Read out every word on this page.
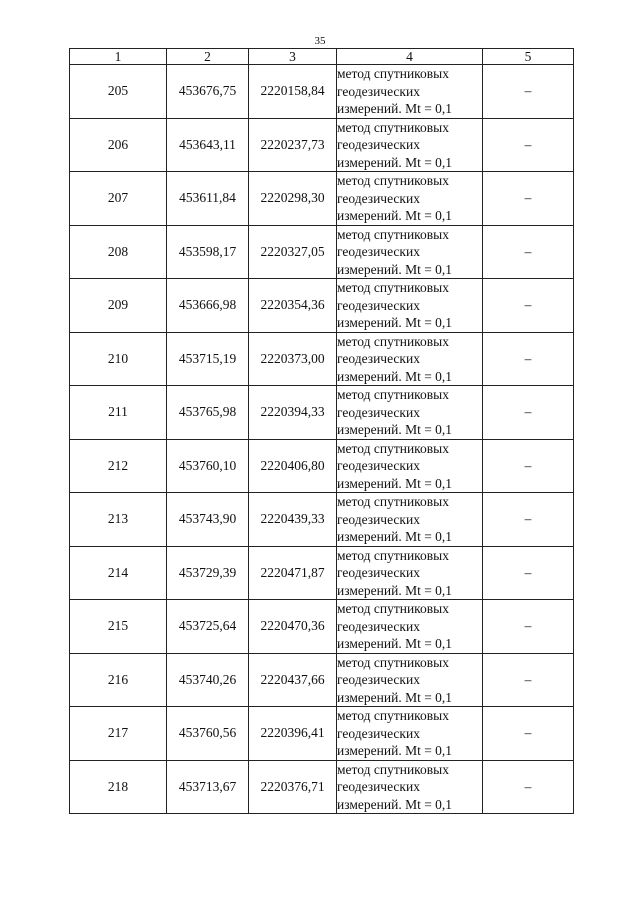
35
1	2	3	4	5
205	453676,75	2220158,84	метод спутниковых
геодезических
измерений. Mt = 0,1	–
206	453643,11	2220237,73	метод спутниковых
геодезических
измерений. Mt = 0,1	–
207	453611,84	2220298,30	метод спутниковых
геодезических
измерений. Mt = 0,1	–
208	453598,17	2220327,05	метод спутниковых
геодезических
измерений. Mt = 0,1	–
209	453666,98	2220354,36	метод спутниковых
геодезических
измерений. Mt = 0,1	–
210	453715,19	2220373,00	метод спутниковых
геодезических
измерений. Mt = 0,1	–
211	453765,98	2220394,33	метод спутниковых
геодезических
измерений. Mt = 0,1	–
212	453760,10	2220406,80	метод спутниковых
геодезических
измерений. Mt = 0,1	–
213	453743,90	2220439,33	метод спутниковых
геодезических
измерений. Mt = 0,1	–
214	453729,39	2220471,87	метод спутниковых
геодезических
измерений. Mt = 0,1	–
215	453725,64	2220470,36	метод спутниковых
геодезических
измерений. Mt = 0,1	–
216	453740,26	2220437,66	метод спутниковых
геодезических
измерений. Mt = 0,1	–
217	453760,56	2220396,41	метод спутниковых
геодезических
измерений. Mt = 0,1	–
218	453713,67	2220376,71	метод спутниковых
геодезических
измерений. Mt = 0,1	–
